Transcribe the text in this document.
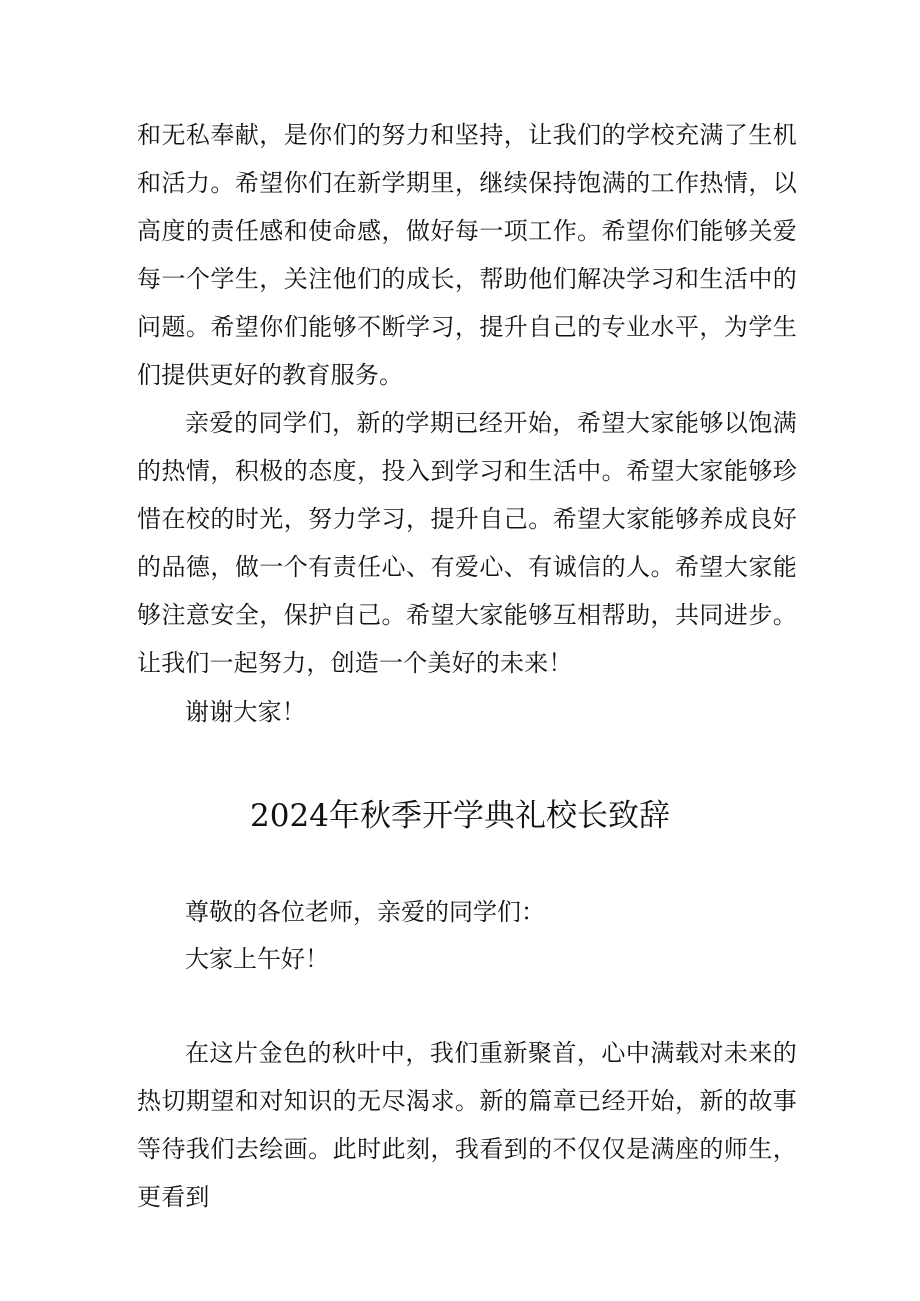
和无私奉献，是你们的努力和坚持，让我们的学校充满了生机和活力。希望你们在新学期里，继续保持饱满的工作热情，以高度的责任感和使命感，做好每一项工作。希望你们能够关爱每一个学生，关注他们的成长，帮助他们解决学习和生活中的问题。希望你们能够不断学习，提升自己的专业水平，为学生们提供更好的教育服务。

亲爱的同学们，新的学期已经开始，希望大家能够以饱满的热情，积极的态度，投入到学习和生活中。希望大家能够珍惜在校的时光，努力学习，提升自己。希望大家能够养成良好的品德，做一个有责任心、有爱心、有诚信的人。希望大家能够注意安全，保护自己。希望大家能够互相帮助，共同进步。让我们一起努力，创造一个美好的未来！

谢谢大家！

2024年秋季开学典礼校长致辞
尊敬的各位老师，亲爱的同学们：
大家上午好！

在这片金色的秋叶中，我们重新聚首，心中满载对未来的热切期望和对知识的无尽渴求。新的篇章已经开始，新的故事等待我们去绘画。此时此刻，我看到的不仅仅是满座的师生，更看到
